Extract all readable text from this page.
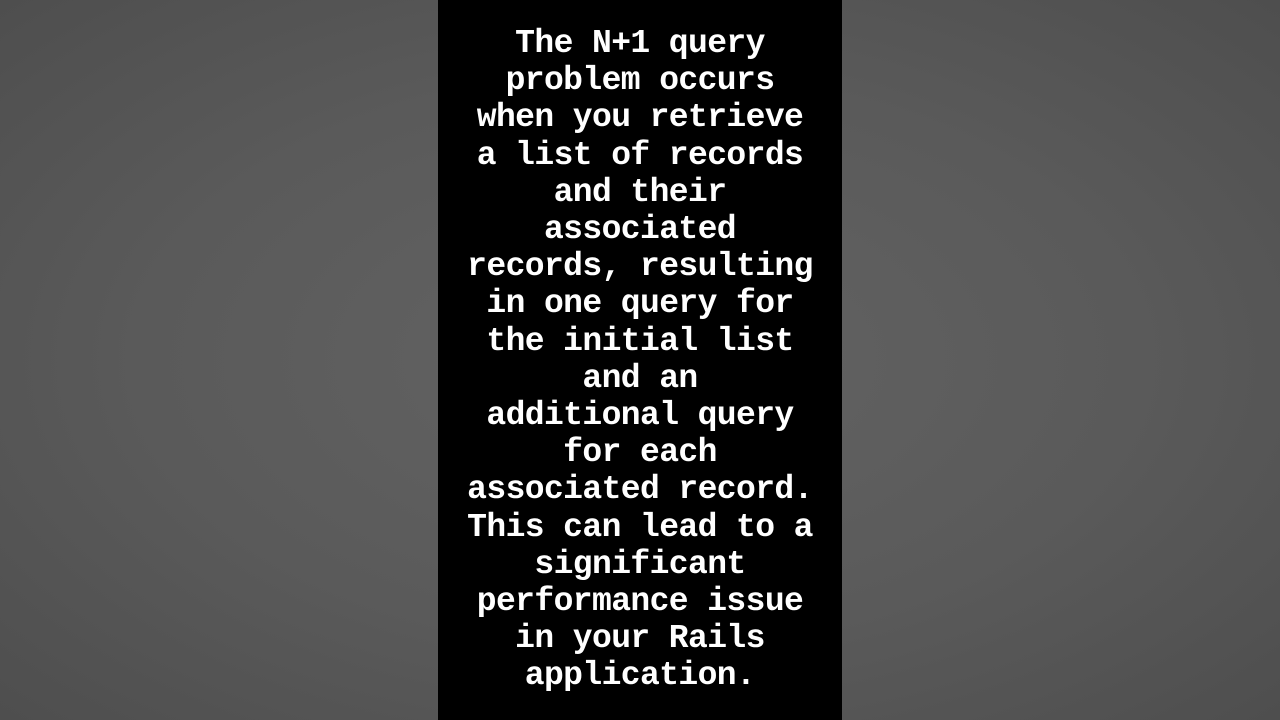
The N+1 query
problem occurs
when you retrieve
a list of records
and their
associated
records, resulting
in one query for
the initial list
and an
additional query
for each
associated record.
This can lead to a
significant
performance issue
in your Rails
application.
